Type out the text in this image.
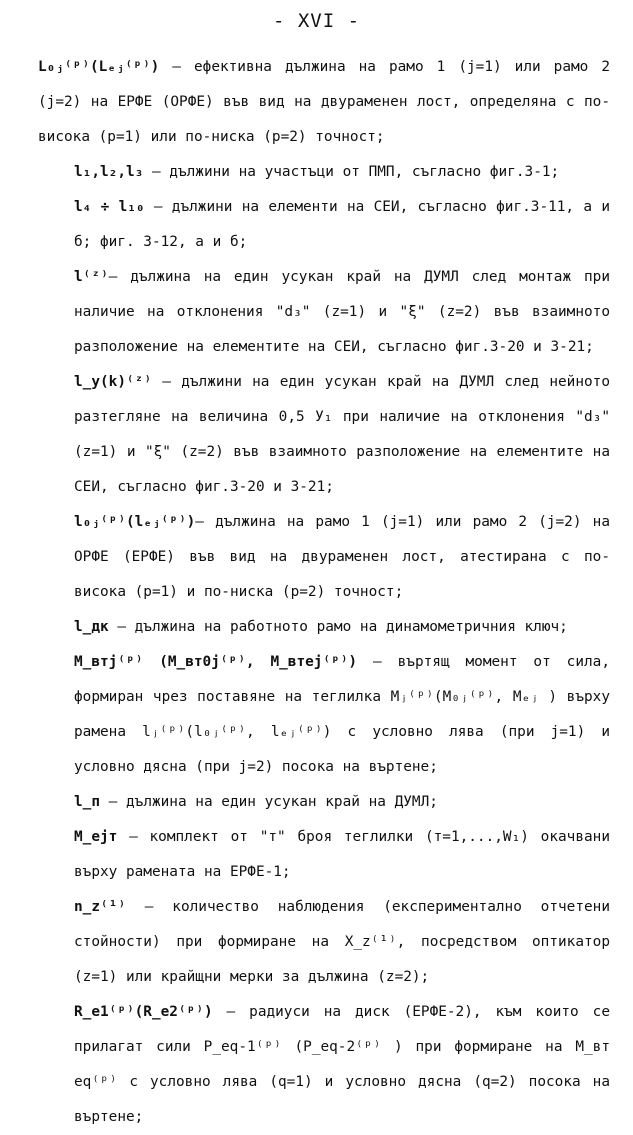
- XVI -

L₀ⱼ⁽ᵖ⁾(Lₑⱼ⁽ᵖ⁾) – ефективна дължина на рамо 1 (j=1) или рамо 2 (j=2) на ЕРФЕ (ОРФЕ) във вид на двураменен лост, определяна с по-висока (р=1) или по-ниска (р=2) точност;

l₁,l₂,l₃ – дължини на участъци от ПМП, съгласно фиг.3-1;

l₄ ÷ l₁₀ – дължини на елементи на СЕИ, съгласно фиг.3-11, а и б; фиг. 3-12, а и б;

l⁽ᶻ⁾– дължина на един усукан край на ДУМЛ след монтаж при наличие на отклонения "d₃" (z=1) и "ξ" (z=2) във взаимното разположение на елементите на СЕИ, съгласно фиг.3-20 и 3-21;

l_y(k)⁽ᶻ⁾ – дължини на един усукан край на ДУМЛ след нейното разтегляне на величина 0,5 У₁ при наличие на отклонения "d₃" (z=1) и "ξ" (z=2) във взаимното разположение на елементите на СЕИ, съгласно фиг.3-20 и 3-21;

l₀ⱼ⁽ᵖ⁾(lₑⱼ⁽ᵖ⁾)– дължина на рамо 1 (j=1) или рамо 2 (j=2) на ОРФЕ (ЕРФЕ) във вид на двураменен лост, атестирана с по-висока (р=1) и по-ниска (р=2) точност;

l_дк – дължина на работното рамо на динамометричния ключ;

M_втj⁽ᵖ⁾ (M_вт0j⁽ᵖ⁾, M_втej⁽ᵖ⁾) – въртящ момент от сила, формиран чрез поставяне на теглилка Mⱼ⁽ᵖ⁾(M₀ⱼ⁽ᵖ⁾, Mₑⱼ ) върху рамена lⱼ⁽ᵖ⁾(l₀ⱼ⁽ᵖ⁾, lₑⱼ⁽ᵖ⁾) с условно лява (при j=1) и условно дясна (при j=2) посока на въртене;

l_п – дължина на един усукан край на ДУМЛ;

M_ejт – комплект от "т" броя теглилки (т=1,...,W₁) окачвани върху рамената на ЕРФЕ-1;

n_z⁽¹⁾ – количество наблюдения (експериментално отчетени стойности) при формиране на X_z⁽¹⁾, посредством оптикатор (z=1) или крайщни мерки за дължина (z=2);

R_e1⁽ᵖ⁾(R_e2⁽ᵖ⁾) – радиуси на диск (ЕРФЕ-2), към които се прилагат сили P_eq-1⁽ᵖ⁾ (P_eq-2⁽ᵖ⁾ ) при формиране на M_вт eq⁽ᵖ⁾ с условно лява (q=1) и условно дясна (q=2) посока на въртене;
